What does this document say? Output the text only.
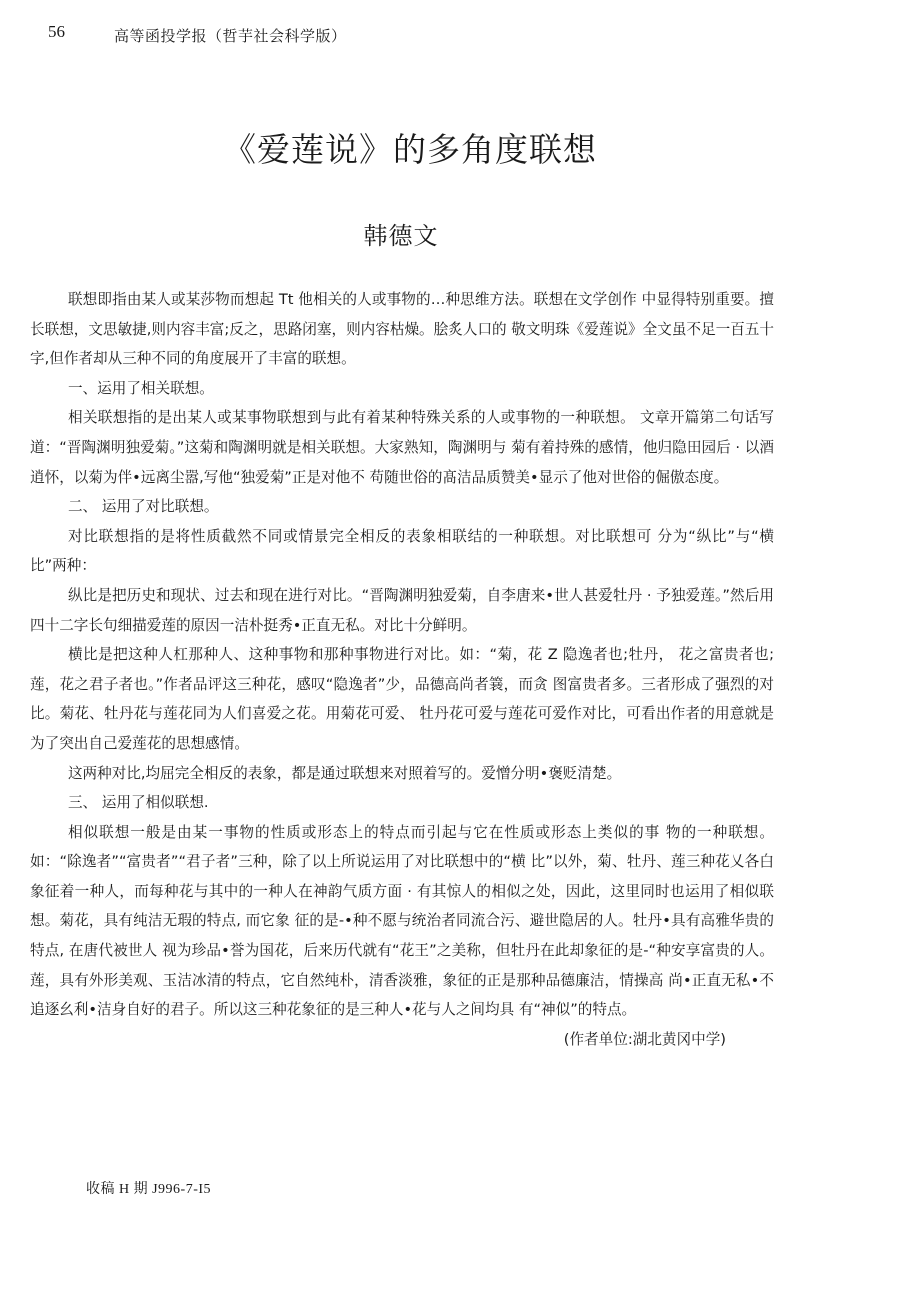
56	高等函投学报（哲芋社会科学版）
《爱莲说》的多角度联想
韩德文

联想即指由某人或某莎物而想起 Tt 他相关的人或事物的…种思维方法。联想在文学创作 中显得特别重要。擅长联想，文思敏捷,则内容丰富;反之，思路闭塞，则内容枯燥。脍炙人口的 敬文明珠《爱莲说》全文虽不足一百五十字,但作者却从三种不同的角度展开了丰富的联想。

一、运用了相关联想。

相关联想指的是出某人或某事物联想到与此有着某种特殊关系的人或事物的一种联想。 文章开篇第二句话写道：“晋陶渊明独爱菊。”这菊和陶渊明就是相关联想。大家熟知，陶渊明与 菊有着持殊的感情，他归隐田园后 · 以酒逍怀，以菊为伴•远离尘嚣,写他“独爱菊”正是对他不 苟随世俗的髙洁品质赞美•显示了他对世俗的倔傲态度。

二、 运用了对比联想。

对比联想指的是将性质截然不同或情景完全相反的表象相联结的一种联想。对比联想可 分为“纵比”与“横比”两种：

纵比是把历史和现状、过去和现在进行对比。“晋陶渊明独爱菊，自李唐来•世人甚爱牡丹 · 予独爱莲。”然后用四十二字长句细描爱莲的原因一洁朴挺秀•正直无私。对比十分鲜明。

横比是把这种人杠那种人、这种事物和那种事物进行对比。如：“菊，花 Z 隐逸者也;牡丹， 花之富贵者也;莲，花之君子者也。”作者品评这三种花，感叹“隐逸者”少，品德高尚者簔，而贪 图富贵者多。三者形成了强烈的对比。菊花、牡丹花与莲花同为人们喜爱之花。用菊花可爱、 牡丹花可爱与莲花可爱作对比，可看出作者的用意就是为了突出自己爱莲花的思想感情。

这两种对比,均屈完全相反的表象，都是通过联想来对照着写的。爱憎分明•褒贬清楚。

三、 运用了相似联想.

相似联想一般是由某一事物的性质或形态上的特点而引起与它在性质或形态上类似的事 物的一种联想。如：“除逸者”“富贵者”“君子者”三种，除了以上所说运用了对比联想中的“横 比”以外，菊、牡丹、莲三种花乂各白象征着一种人，而每种花与其中的一种人在神韵气质方面 · 有其惊人的相似之处，因此，这里同时也运用了相似联想。菊花，具有纯洁无瑕的特点, 而它象 征的是-•种不愿与统治者同流合污、避世隐居的人。牡丹•具有高雅华贵的特点, 在唐代被世人 视为珍品•誉为国花，后来历代就有“花王”之美称，但牡丹在此却象征的是-“种安享富贵的人。 莲，具有外形美观、玉洁冰清的特点，它自然纯朴，清香淡雅，象征的正是那种品德廉洁，情操高 尚•正直无私•不追逐幺利•洁身自好的君子。所以这三种花象征的是三种人•花与人之间均具 有“神似”的特点。

(作者单位:湖北黄冈中学)

收稿 H 期 J996-7-I5
